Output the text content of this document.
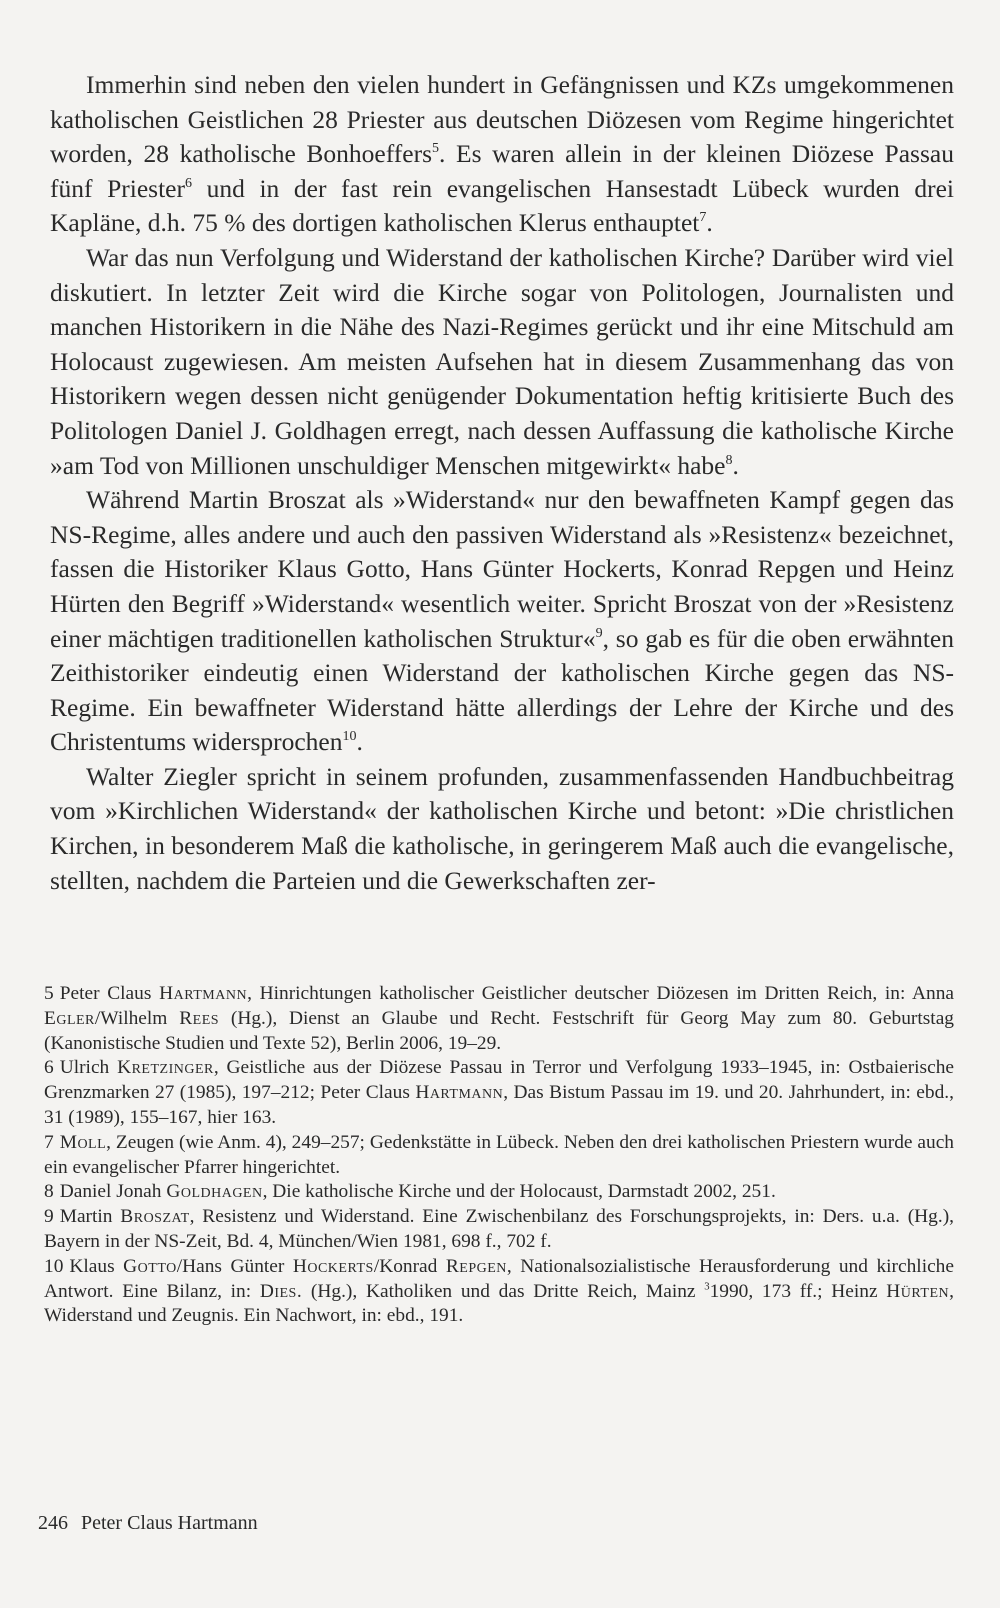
Immerhin sind neben den vielen hundert in Gefängnissen und KZs umgekommenen katholischen Geistlichen 28 Priester aus deutschen Diözesen vom Regime hingerichtet worden, 28 katholische Bonhoeffers$^5$. Es waren allein in der kleinen Diözese Passau fünf Priester$^6$ und in der fast rein evangelischen Hansestadt Lübeck wurden drei Kapläne, d.h. 75 % des dortigen katholischen Klerus enthauptet$^7$.

War das nun Verfolgung und Widerstand der katholischen Kirche? Darüber wird viel diskutiert. In letzter Zeit wird die Kirche sogar von Politologen, Journalisten und manchen Historikern in die Nähe des Nazi-Regimes gerückt und ihr eine Mitschuld am Holocaust zugewiesen. Am meisten Aufsehen hat in diesem Zusammenhang das von Historikern wegen dessen nicht genügender Dokumentation heftig kritisierte Buch des Politologen Daniel J. Goldhagen erregt, nach dessen Auffassung die katholische Kirche »am Tod von Millionen unschuldiger Menschen mitgewirkt« habe$^8$.

Während Martin Broszat als »Widerstand« nur den bewaffneten Kampf gegen das NS-Regime, alles andere und auch den passiven Widerstand als »Resistenz« bezeichnet, fassen die Historiker Klaus Gotto, Hans Günter Hockerts, Konrad Repgen und Heinz Hürten den Begriff »Widerstand« wesentlich weiter. Spricht Broszat von der »Resistenz einer mächtigen traditionellen katholischen Struktur«$^9$, so gab es für die oben erwähnten Zeithistoriker eindeutig einen Widerstand der katholischen Kirche gegen das NS-Regime. Ein bewaffneter Widerstand hätte allerdings der Lehre der Kirche und des Christentums widersprochen$^{10}$.

Walter Ziegler spricht in seinem profunden, zusammenfassenden Handbuchbeitrag vom »Kirchlichen Widerstand« der katholischen Kirche und betont: »Die christlichen Kirchen, in besonderem Maß die katholische, in geringerem Maß auch die evangelische, stellten, nachdem die Parteien und die Gewerkschaften zer-

5 Peter Claus Hartmann, Hinrichtungen katholischer Geistlicher deutscher Diözesen im Dritten Reich, in: Anna Egler/Wilhelm Rees (Hg.), Dienst an Glaube und Recht. Festschrift für Georg May zum 80. Geburtstag (Kanonistische Studien und Texte 52), Berlin 2006, 19–29.

6 Ulrich Kretzinger, Geistliche aus der Diözese Passau in Terror und Verfolgung 1933–1945, in: Ostbaierische Grenzmarken 27 (1985), 197–212; Peter Claus Hartmann, Das Bistum Passau im 19. und 20. Jahrhundert, in: ebd., 31 (1989), 155–167, hier 163.

7 Moll, Zeugen (wie Anm. 4), 249–257; Gedenkstätte in Lübeck. Neben den drei katholischen Priestern wurde auch ein evangelischer Pfarrer hingerichtet.

8 Daniel Jonah Goldhagen, Die katholische Kirche und der Holocaust, Darmstadt 2002, 251.

9 Martin Broszat, Resistenz und Widerstand. Eine Zwischenbilanz des Forschungsprojekts, in: Ders. u.a. (Hg.), Bayern in der NS-Zeit, Bd. 4, München/Wien 1981, 698 f., 702 f.

10 Klaus Gotto/Hans Günter Hockerts/Konrad Repgen, Nationalsozialistische Herausforderung und kirchliche Antwort. Eine Bilanz, in: Dies. (Hg.), Katholiken und das Dritte Reich, Mainz $^3$1990, 173 ff.; Heinz Hürten, Widerstand und Zeugnis. Ein Nachwort, in: ebd., 191.

246 Peter Claus Hartmann
